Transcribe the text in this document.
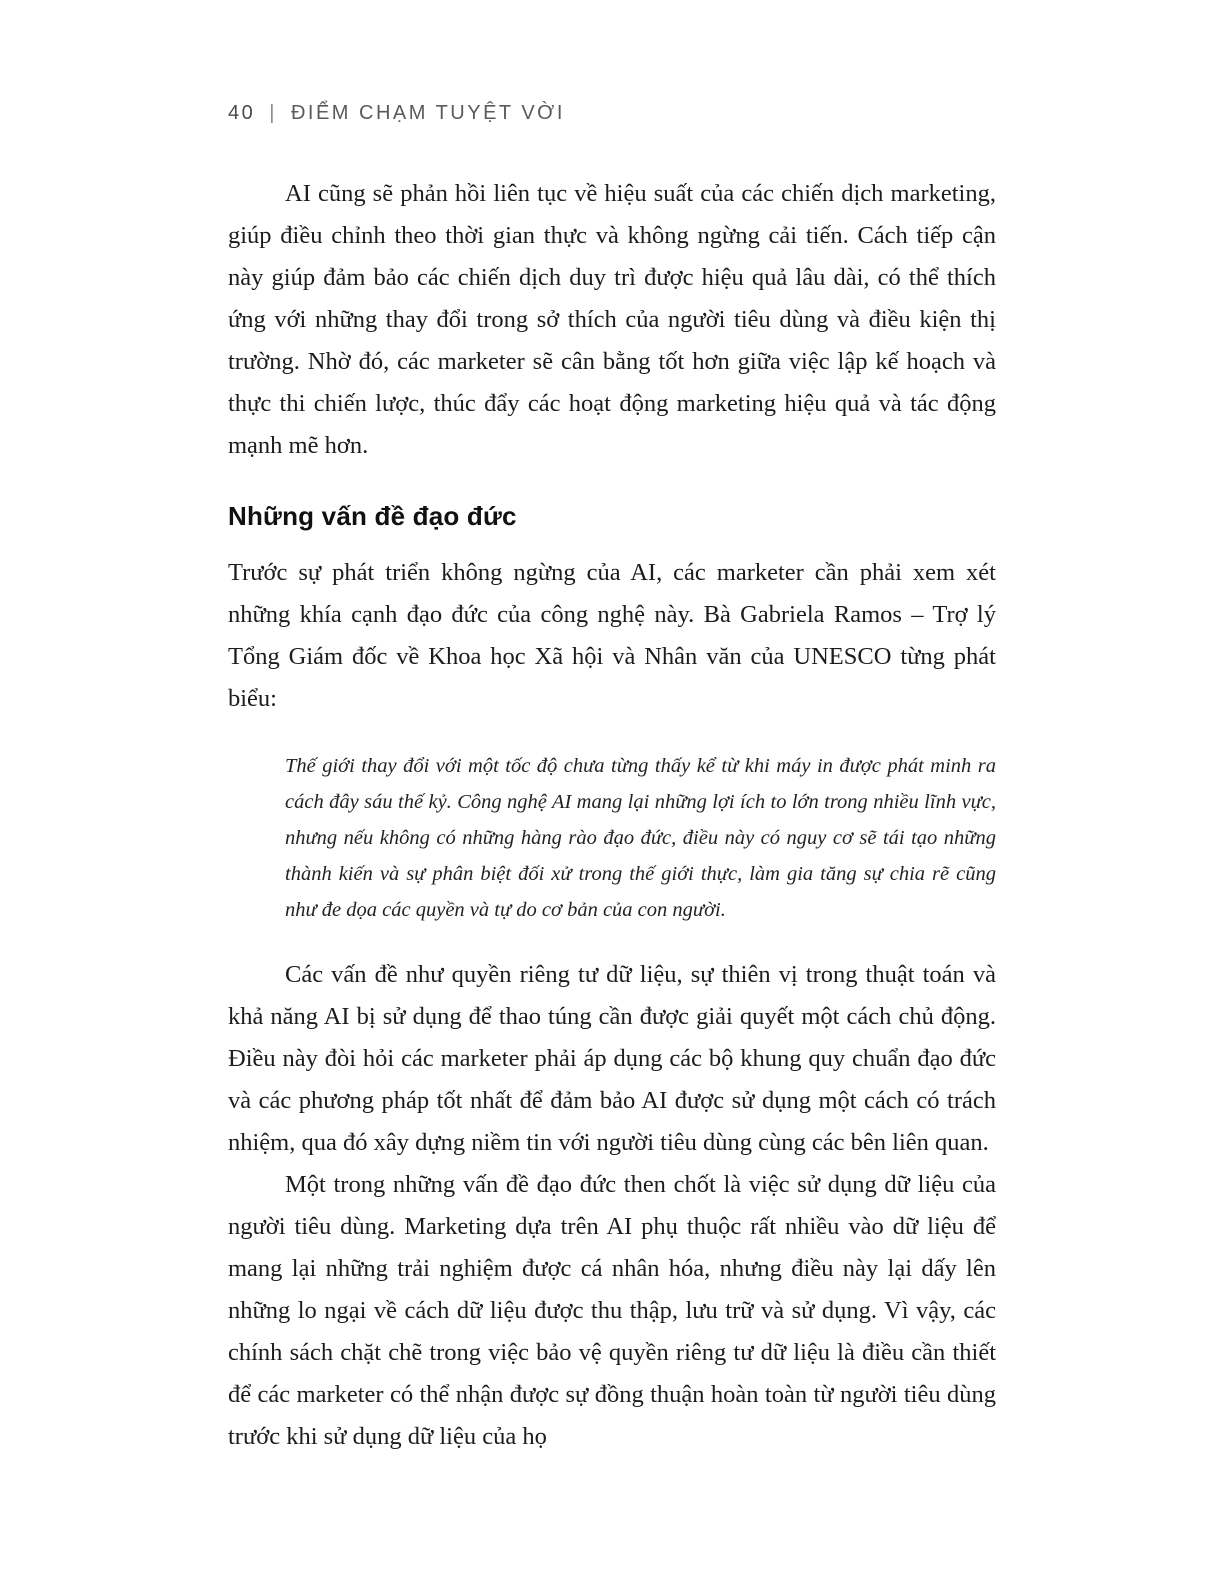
40 | ĐIỂM CHẠM TUYỆT VỜI

AI cũng sẽ phản hồi liên tục về hiệu suất của các chiến dịch marketing, giúp điều chỉnh theo thời gian thực và không ngừng cải tiến. Cách tiếp cận này giúp đảm bảo các chiến dịch duy trì được hiệu quả lâu dài, có thể thích ứng với những thay đổi trong sở thích của người tiêu dùng và điều kiện thị trường. Nhờ đó, các marketer sẽ cân bằng tốt hơn giữa việc lập kế hoạch và thực thi chiến lược, thúc đẩy các hoạt động marketing hiệu quả và tác động mạnh mẽ hơn.

Những vấn đề đạo đức

Trước sự phát triển không ngừng của AI, các marketer cần phải xem xét những khía cạnh đạo đức của công nghệ này. Bà Gabriela Ramos – Trợ lý Tổng Giám đốc về Khoa học Xã hội và Nhân văn của UNESCO từng phát biểu:

Thế giới thay đổi với một tốc độ chưa từng thấy kể từ khi máy in được phát minh ra cách đây sáu thế kỷ. Công nghệ AI mang lại những lợi ích to lớn trong nhiều lĩnh vực, nhưng nếu không có những hàng rào đạo đức, điều này có nguy cơ sẽ tái tạo những thành kiến và sự phân biệt đối xử trong thế giới thực, làm gia tăng sự chia rẽ cũng như đe dọa các quyền và tự do cơ bản của con người.

Các vấn đề như quyền riêng tư dữ liệu, sự thiên vị trong thuật toán và khả năng AI bị sử dụng để thao túng cần được giải quyết một cách chủ động. Điều này đòi hỏi các marketer phải áp dụng các bộ khung quy chuẩn đạo đức và các phương pháp tốt nhất để đảm bảo AI được sử dụng một cách có trách nhiệm, qua đó xây dựng niềm tin với người tiêu dùng cùng các bên liên quan.

Một trong những vấn đề đạo đức then chốt là việc sử dụng dữ liệu của người tiêu dùng. Marketing dựa trên AI phụ thuộc rất nhiều vào dữ liệu để mang lại những trải nghiệm được cá nhân hóa, nhưng điều này lại dấy lên những lo ngại về cách dữ liệu được thu thập, lưu trữ và sử dụng. Vì vậy, các chính sách chặt chẽ trong việc bảo vệ quyền riêng tư dữ liệu là điều cần thiết để các marketer có thể nhận được sự đồng thuận hoàn toàn từ người tiêu dùng trước khi sử dụng dữ liệu của họ
